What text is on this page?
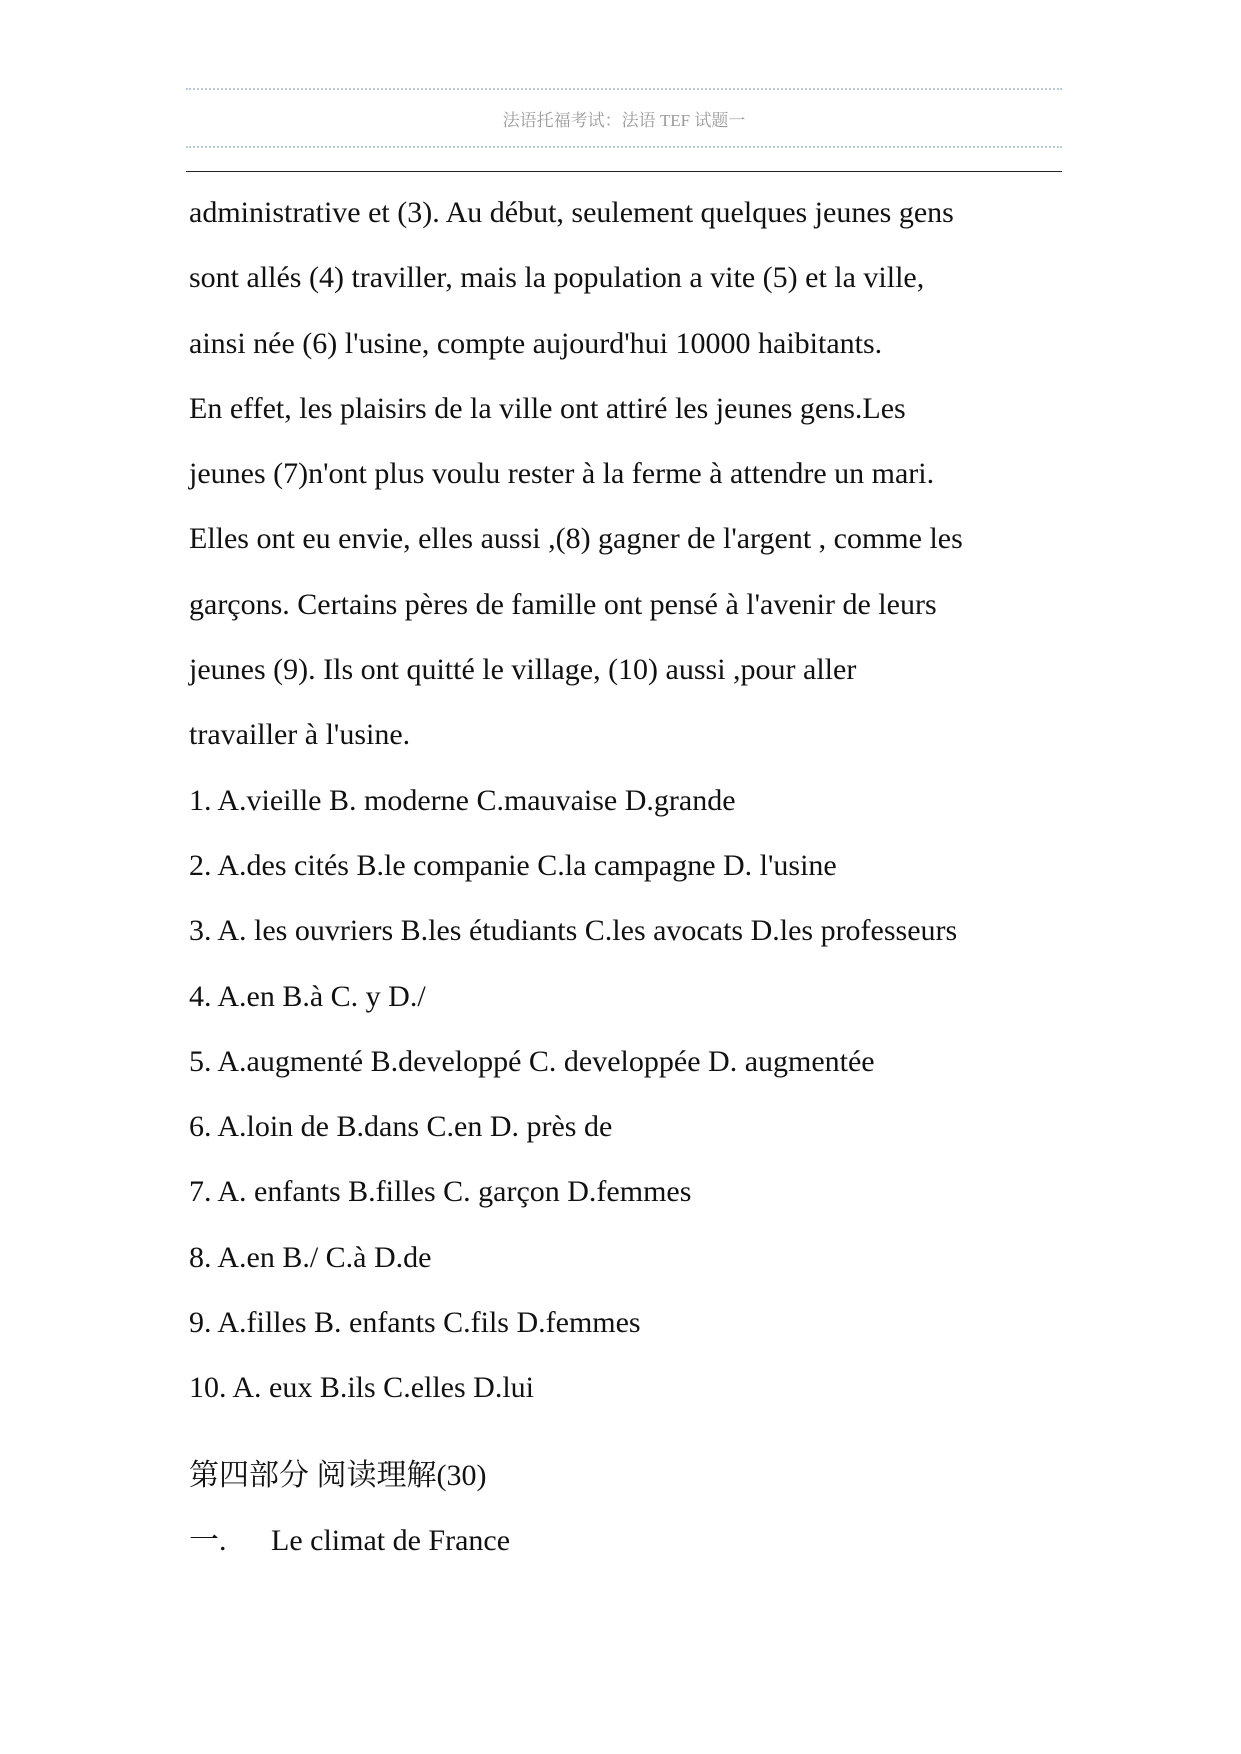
法语托福考试：法语 TEF 试题一
administrative et (3). Au début, seulement quelques jeunes gens
sont allés (4) traviller, mais la population a vite (5) et la ville,
ainsi née (6) l'usine, compte aujourd'hui 10000 haibitants.
En effet, les plaisirs de la ville ont attiré les jeunes gens.Les
jeunes (7)n'ont plus voulu rester à la ferme à attendre un mari.
Elles ont eu envie, elles aussi ,(8) gagner de l'argent , comme les
garçons. Certains pères de famille ont pensé à l'avenir de leurs
jeunes (9). Ils ont quitté le village, (10) aussi ,pour aller
travailler à l'usine.
1. A.vieille B. moderne C.mauvaise D.grande
2. A.des cités B.le companie C.la campagne D. l'usine
3. A. les ouvriers B.les étudiants C.les avocats D.les professeurs
4. A.en B.à C. y D./
5. A.augmenté B.developpé C. developpée D. augmentée
6. A.loin de B.dans C.en D. près de
7. A. enfants B.filles C. garçon D.femmes
8. A.en B./ C.à D.de
9. A.filles B. enfants C.fils D.femmes
10. A. eux B.ils C.elles D.lui
第四部分 阅读理解(30)
一. Le climat de France
